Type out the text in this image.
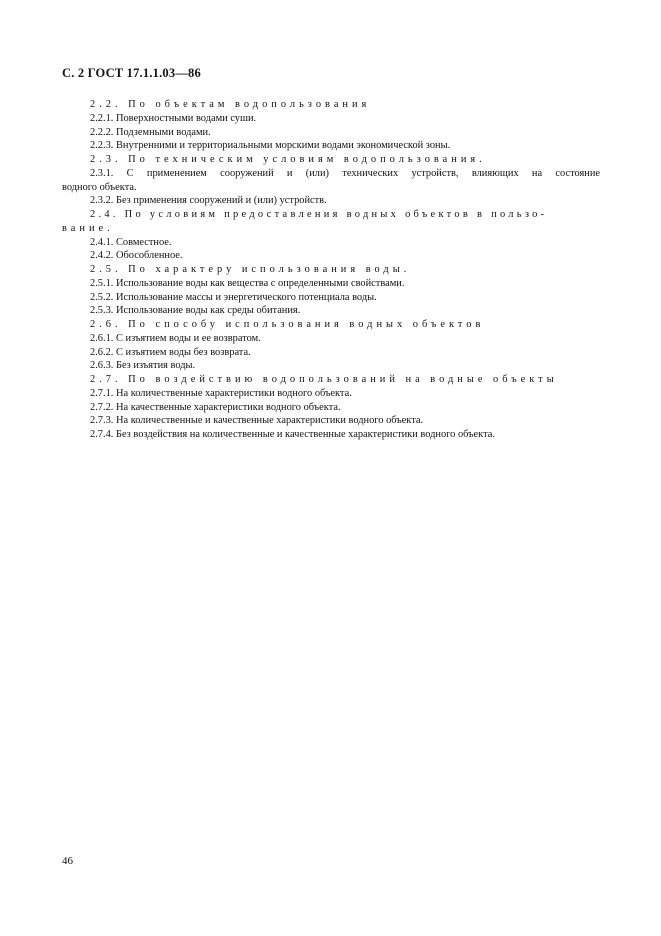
С. 2 ГОСТ 17.1.1.03—86
2.2. По объектам водопользования
2.2.1. Поверхностными водами суши.
2.2.2. Подземными водами.
2.2.3. Внутренними и территориальными морскими водами экономической зоны.
2.3. По техническим условиям водопользования.
2.3.1. С применением сооружений и (или) технических устройств, влияющих на состояние
водного объекта.
2.3.2. Без применения сооружений и (или) устройств.
2.4. По условиям предоставления водных объектов в пользо-
вание.
2.4.1. Совместное.
2.4.2. Обособленное.
2.5. По характеру использования воды.
2.5.1. Использование воды как вещества с определенными свойствами.
2.5.2. Использование массы и энергетического потенциала воды.
2.5.3. Использование воды как среды обитания.
2.6. По способу использования водных объектов
2.6.1. С изъятием воды и ее возвратом.
2.6.2. С изъятием воды без возврата.
2.6.3. Без изъятия воды.
2.7. По воздействию водопользований на водные объекты
2.7.1. На количественные характеристики водного объекта.
2.7.2. На качественные характеристики водного объекта.
2.7.3. На количественные и качественные характеристики водного объекта.
2.7.4. Без воздействия на количественные и качественные характеристики водного объекта.
46
